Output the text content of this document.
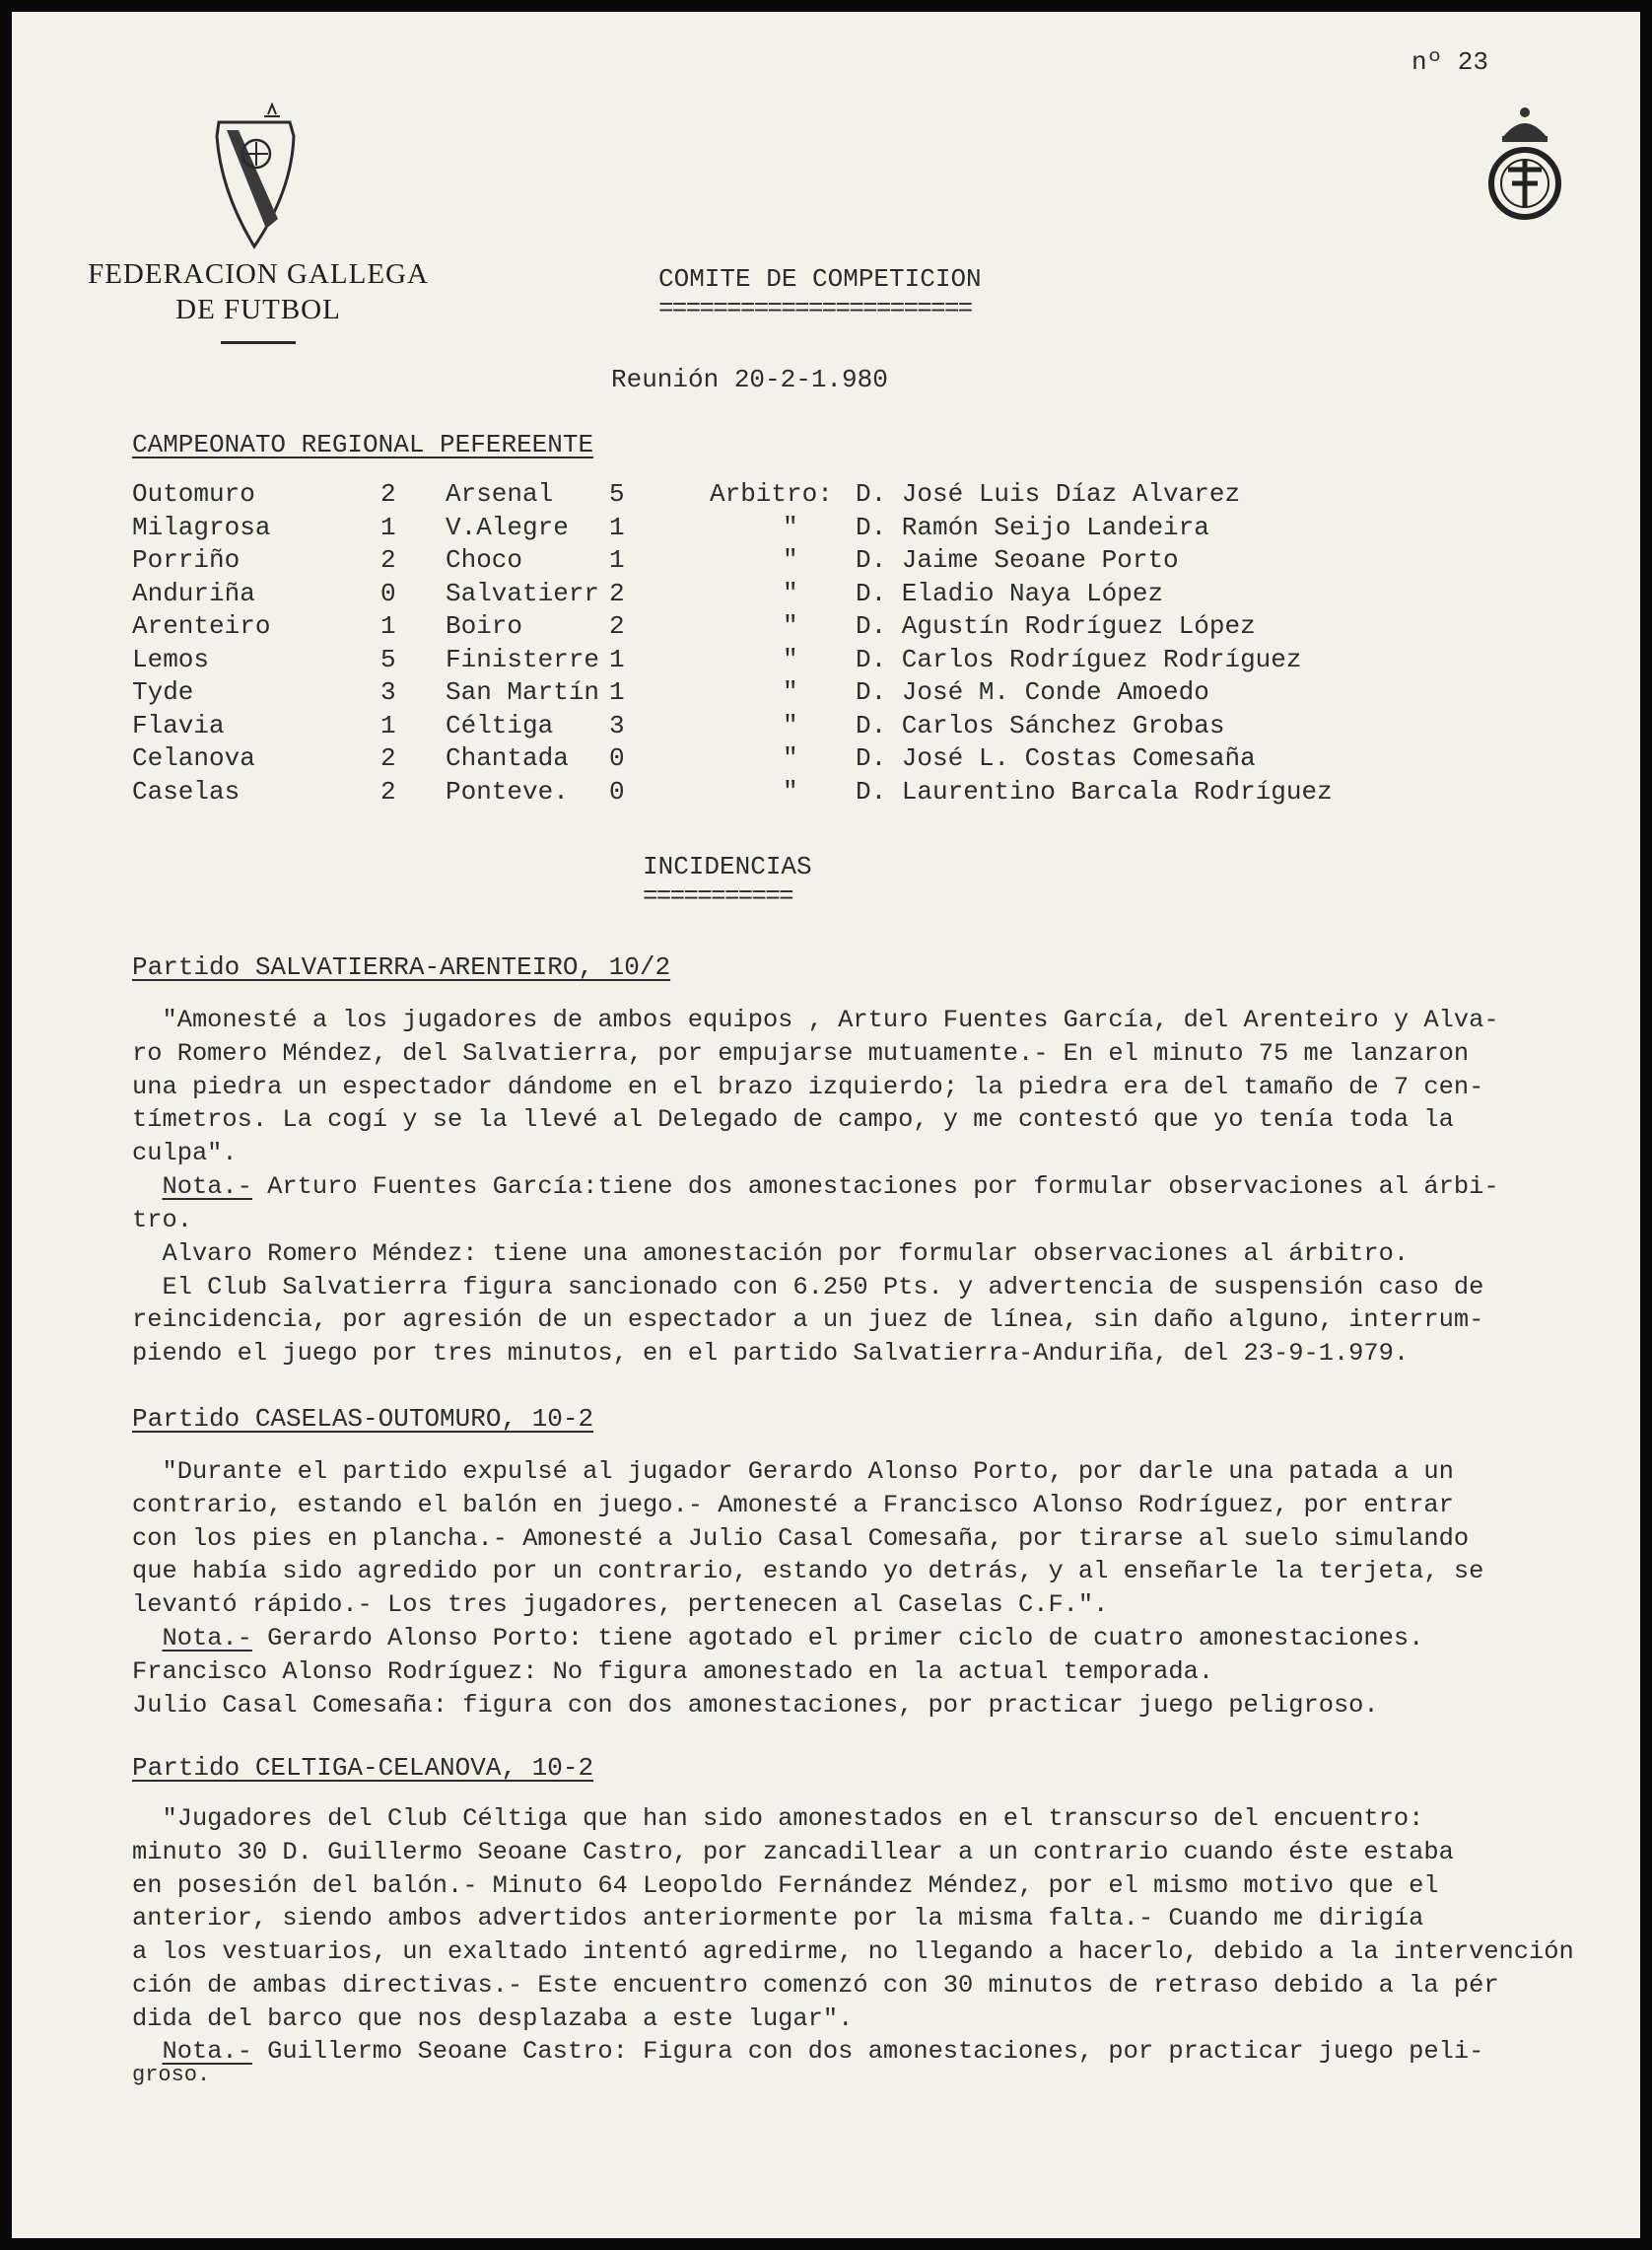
nº 23
FEDERACION GALLEGA
DE FUTBOL
COMITE DE COMPETICION
=======================
Reunión 20-2-1.980
CAMPEONATO REGIONAL PEFEREENTE
Outomuro	2 Arsenal 5	Arbitro: D. José Luis Díaz Alvarez
Milagrosa	1 V.Alegre 1	" D. Ramón Seijo Landeira
Porriño	2 Choco	1	" D. Jaime Seoane Porto
Anduriña	0 Salvatierr 2	" D. Eladio Naya López
Arenteiro	1 Boiro	2	" D. Agustín Rodríguez López
Lemos	5 Finisterre 1	" D. Carlos Rodríguez Rodríguez
Tyde	3 San Martín 1	" D. José M. Conde Amoedo
Flavia	1 Céltiga 3	" D. Carlos Sánchez Grobas
Celanova	2 Chantada 0	" D. José L. Costas Comesaña
Caselas	2 Ponteve. 0	" D. Laurentino Barcala Rodríguez
INCIDENCIAS
===========
Partido SALVATIERRA-ARENTEIRO, 10/2
"Amonesté a los jugadores de ambos equipos , Arturo Fuentes García, del Arenteiro y Alva-
ro Romero Méndez, del Salvatierra, por empujarse mutuamente.- En el minuto 75 me lanzaron
una piedra un espectador dándome en el brazo izquierdo; la piedra era del tamaño de 7 cen-
tímetros. La cogí y se la llevé al Delegado de campo, y me contestó que yo tenía toda la
culpa".
Nota.- Arturo Fuentes García:tiene dos amonestaciones por formular observaciones al árbi-
tro.
Alvaro Romero Méndez: tiene una amonestación por formular observaciones al árbitro.
El Club Salvatierra figura sancionado con 6.250 Pts. y advertencia de suspensión caso de
reincidencia, por agresión de un espectador a un juez de línea, sin daño alguno, interrum-
piendo el juego por tres minutos, en el partido Salvatierra-Anduriña, del 23-9-1.979.
Partido CASELAS-OUTOMURO, 10-2
"Durante el partido expulsé al jugador Gerardo Alonso Porto, por darle una patada a un
contrario, estando el balón en juego.- Amonesté a Francisco Alonso Rodríguez, por entrar
con los pies en plancha.- Amonesté a Julio Casal Comesaña, por tirarse al suelo simulando
que había sido agredido por un contrario, estando yo detrás, y al enseñarle la terjeta, se
levantó rápido.- Los tres jugadores, pertenecen al Caselas C.F.".
Nota.- Gerardo Alonso Porto: tiene agotado el primer ciclo de cuatro amonestaciones.
Francisco Alonso Rodríguez: No figura amonestado en la actual temporada.
Julio Casal Comesaña: figura con dos amonestaciones, por practicar juego peligroso.
Partido CELTIGA-CELANOVA, 10-2
"Jugadores del Club Céltiga que han sido amonestados en el transcurso del encuentro:
minuto 30 D. Guillermo Seoane Castro, por zancadillear a un contrario cuando éste estaba
en posesión del balón.- Minuto 64 Leopoldo Fernández Méndez, por el mismo motivo que el
anterior, siendo ambos advertidos anteriormente por la misma falta.- Cuando me dirigía
a los vestuarios, un exaltado intentó agredirme, no llegando a hacerlo, debido a la intervención
ción de ambas directivas.- Este encuentro comenzó con 30 minutos de retraso debido a la pér
dida del barco que nos desplazaba a este lugar".
Nota.- Guillermo Seoane Castro: Figura con dos amonestaciones, por practicar juego peli-
groso.
